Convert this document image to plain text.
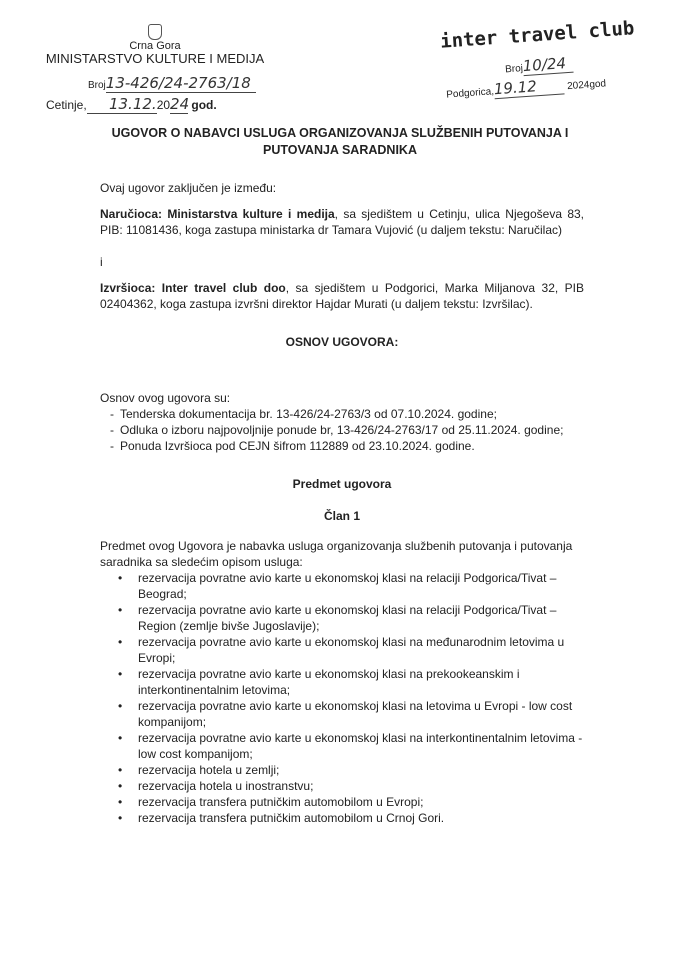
Crna Gora
MINISTARSTVO KULTURE I MEDIJA
Broj13-426/24-2763/18
Cetinje, 13.12.2024 god.
inter travel club
Broj10/24
Podgorica,19.12	2024god
UGOVOR O NABAVCI USLUGA ORGANIZOVANJA SLUŽBENIH PUTOVANJA I PUTOVANJA SARADNIKA

Ovaj ugovor zaključen je između:

Naručioca: Ministarstva kulture i medija, sa sjedištem u Cetinju, ulica Njegoševa 83, PIB: 11081436, koga zastupa ministarka dr Tamara Vujović (u daljem tekstu: Naručilac)

i

Izvršioca: Inter travel club doo, sa sjedištem u Podgorici, Marka Miljanova 32, PIB 02404362, koga zastupa izvršni direktor Hajdar Murati (u daljem tekstu: Izvršilac).

OSNOV UGOVORA:

Osnov ovog ugovora su:

- Tenderska dokumentacija br. 13-426/24-2763/3 od 07.10.2024. godine;
- Odluka o izboru najpovoljnije ponude br, 13-426/24-2763/17 od 25.11.2024. godine;
- Ponuda Izvršioca pod CEJN šifrom 112889 od 23.10.2024. godine.

Predmet ugovora

Član 1

Predmet ovog Ugovora je nabavka usluga organizovanja službenih putovanja i putovanja saradnika sa sledećim opisom usluga:

• rezervacija povratne avio karte u ekonomskoj klasi na relaciji Podgorica/Tivat – Beograd;
• rezervacija povratne avio karte u ekonomskoj klasi na relaciji Podgorica/Tivat – Region (zemlje bivše Jugoslavije);
• rezervacija povratne avio karte u ekonomskoj klasi na međunarodnim letovima u Evropi;
• rezervacija povratne avio karte u ekonomskoj klasi na prekookeanskim i interkontinentalnim letovima;
• rezervacija povratne avio karte u ekonomskoj klasi na letovima u Evropi - low cost kompanijom;
• rezervacija povratne avio karte u ekonomskoj klasi na interkontinentalnim letovima - low cost kompanijom;
• rezervacija hotela u zemlji;
• rezervacija hotela u inostranstvu;
• rezervacija transfera putničkim automobilom u Evropi;
• rezervacija transfera putničkim automobilom u Crnoj Gori.
